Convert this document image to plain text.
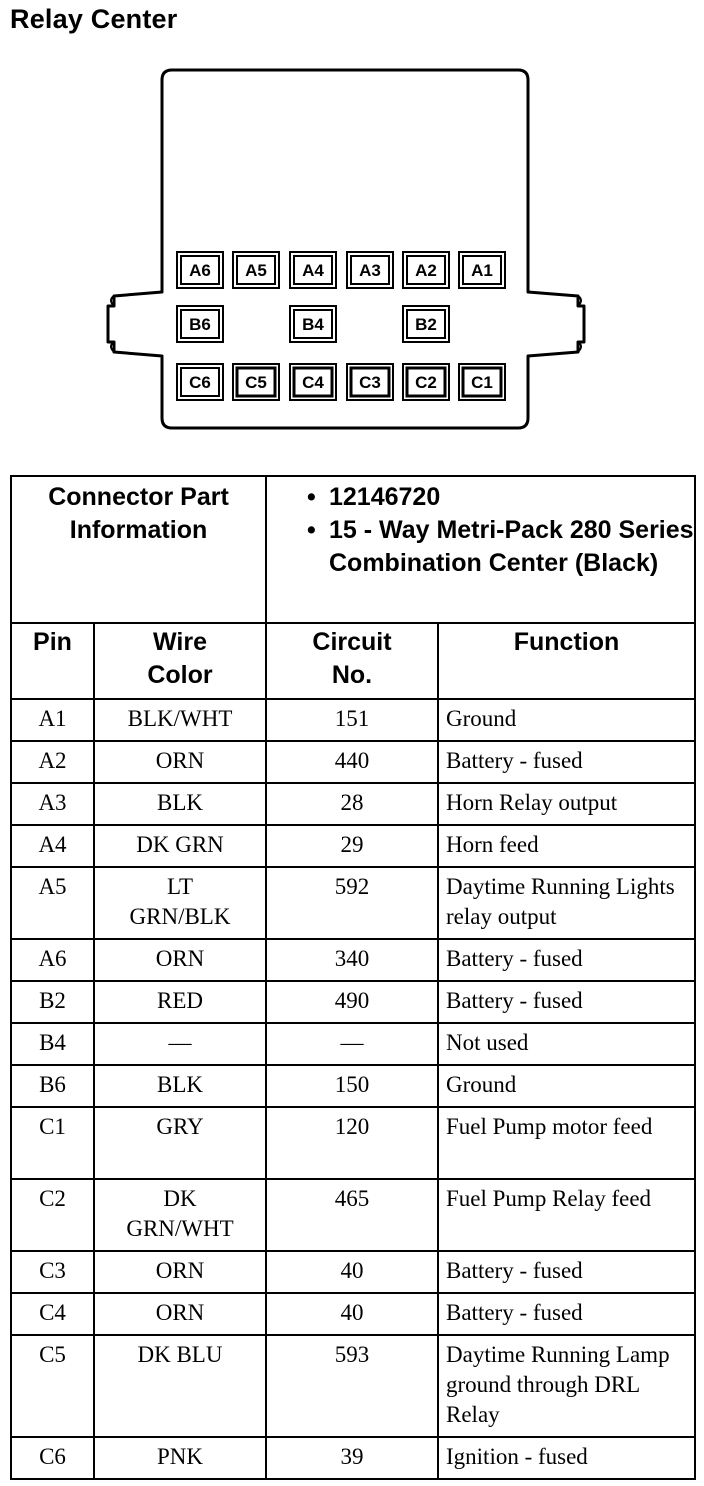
Relay Center
A6 A5 A4 A3 A2 A1
B6	B4	B2
C6 C5 C4 C3 C2 C1
Connector Part Information		• 12146720
• 15 - Way Metri-Pack 280 Series Combination Center (Black)	

Pin	Wire Color	Circuit No.	Function
A1	BLK/WHT	151	Ground
A2	ORN	440	Battery - fused
A3	BLK	28	Horn Relay output
A4	DK GRN	29	Horn feed
A5	LT GRN/BLK	592	Daytime Running Lights relay output
A6	ORN	340	Battery - fused
B2	RED	490	Battery - fused
B4	—	—	Not used
B6	BLK	150	Ground
C1	GRY	120	Fuel Pump motor feed
C2	DK GRN/WHT	465	Fuel Pump Relay feed
C3	ORN	40	Battery - fused
C4	ORN	40	Battery - fused
C5	DK BLU	593	Daytime Running Lamp ground through DRL Relay
C6	PNK	39	Ignition - fused
